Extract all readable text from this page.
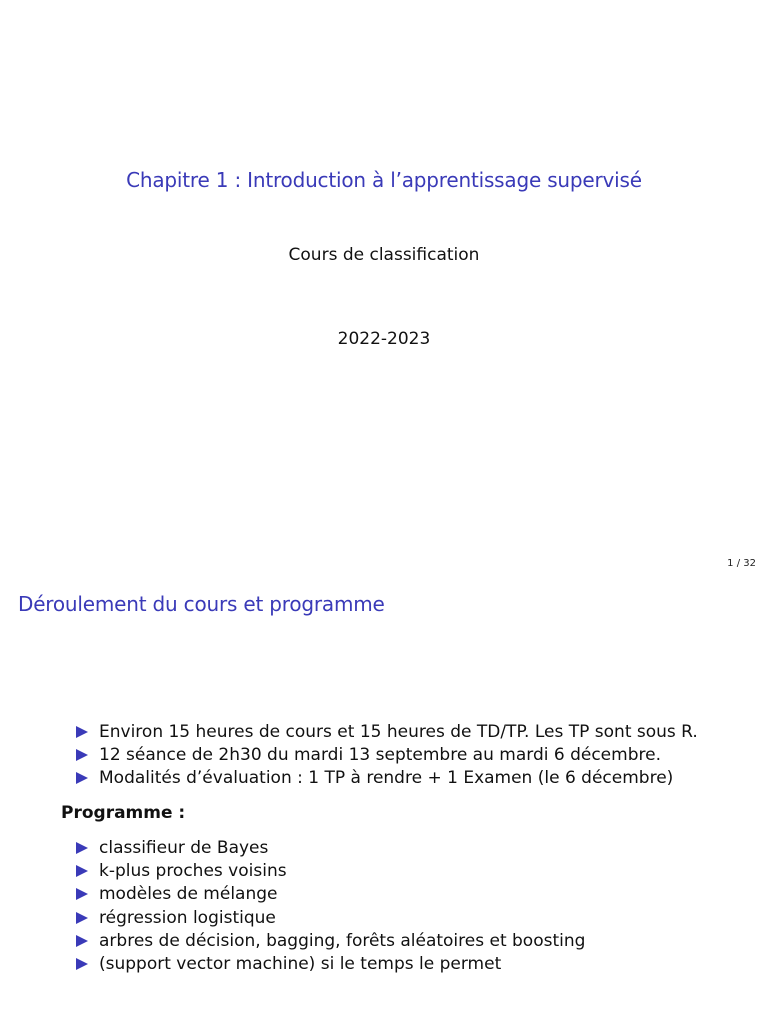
Chapitre 1 : Introduction à l’apprentissage supervisé
Cours de classification
2022-2023
1 / 32
Déroulement du cours et programme
Environ 15 heures de cours et 15 heures de TD/TP. Les TP sont sous R.
12 séance de 2h30 du mardi 13 septembre au mardi 6 décembre.
Modalités d’évaluation : 1 TP à rendre + 1 Examen (le 6 décembre)
Programme :
classifieur de Bayes
k-plus proches voisins
modèles de mélange
régression logistique
arbres de décision, bagging, forêts aléatoires et boosting
(support vector machine) si le temps le permet
